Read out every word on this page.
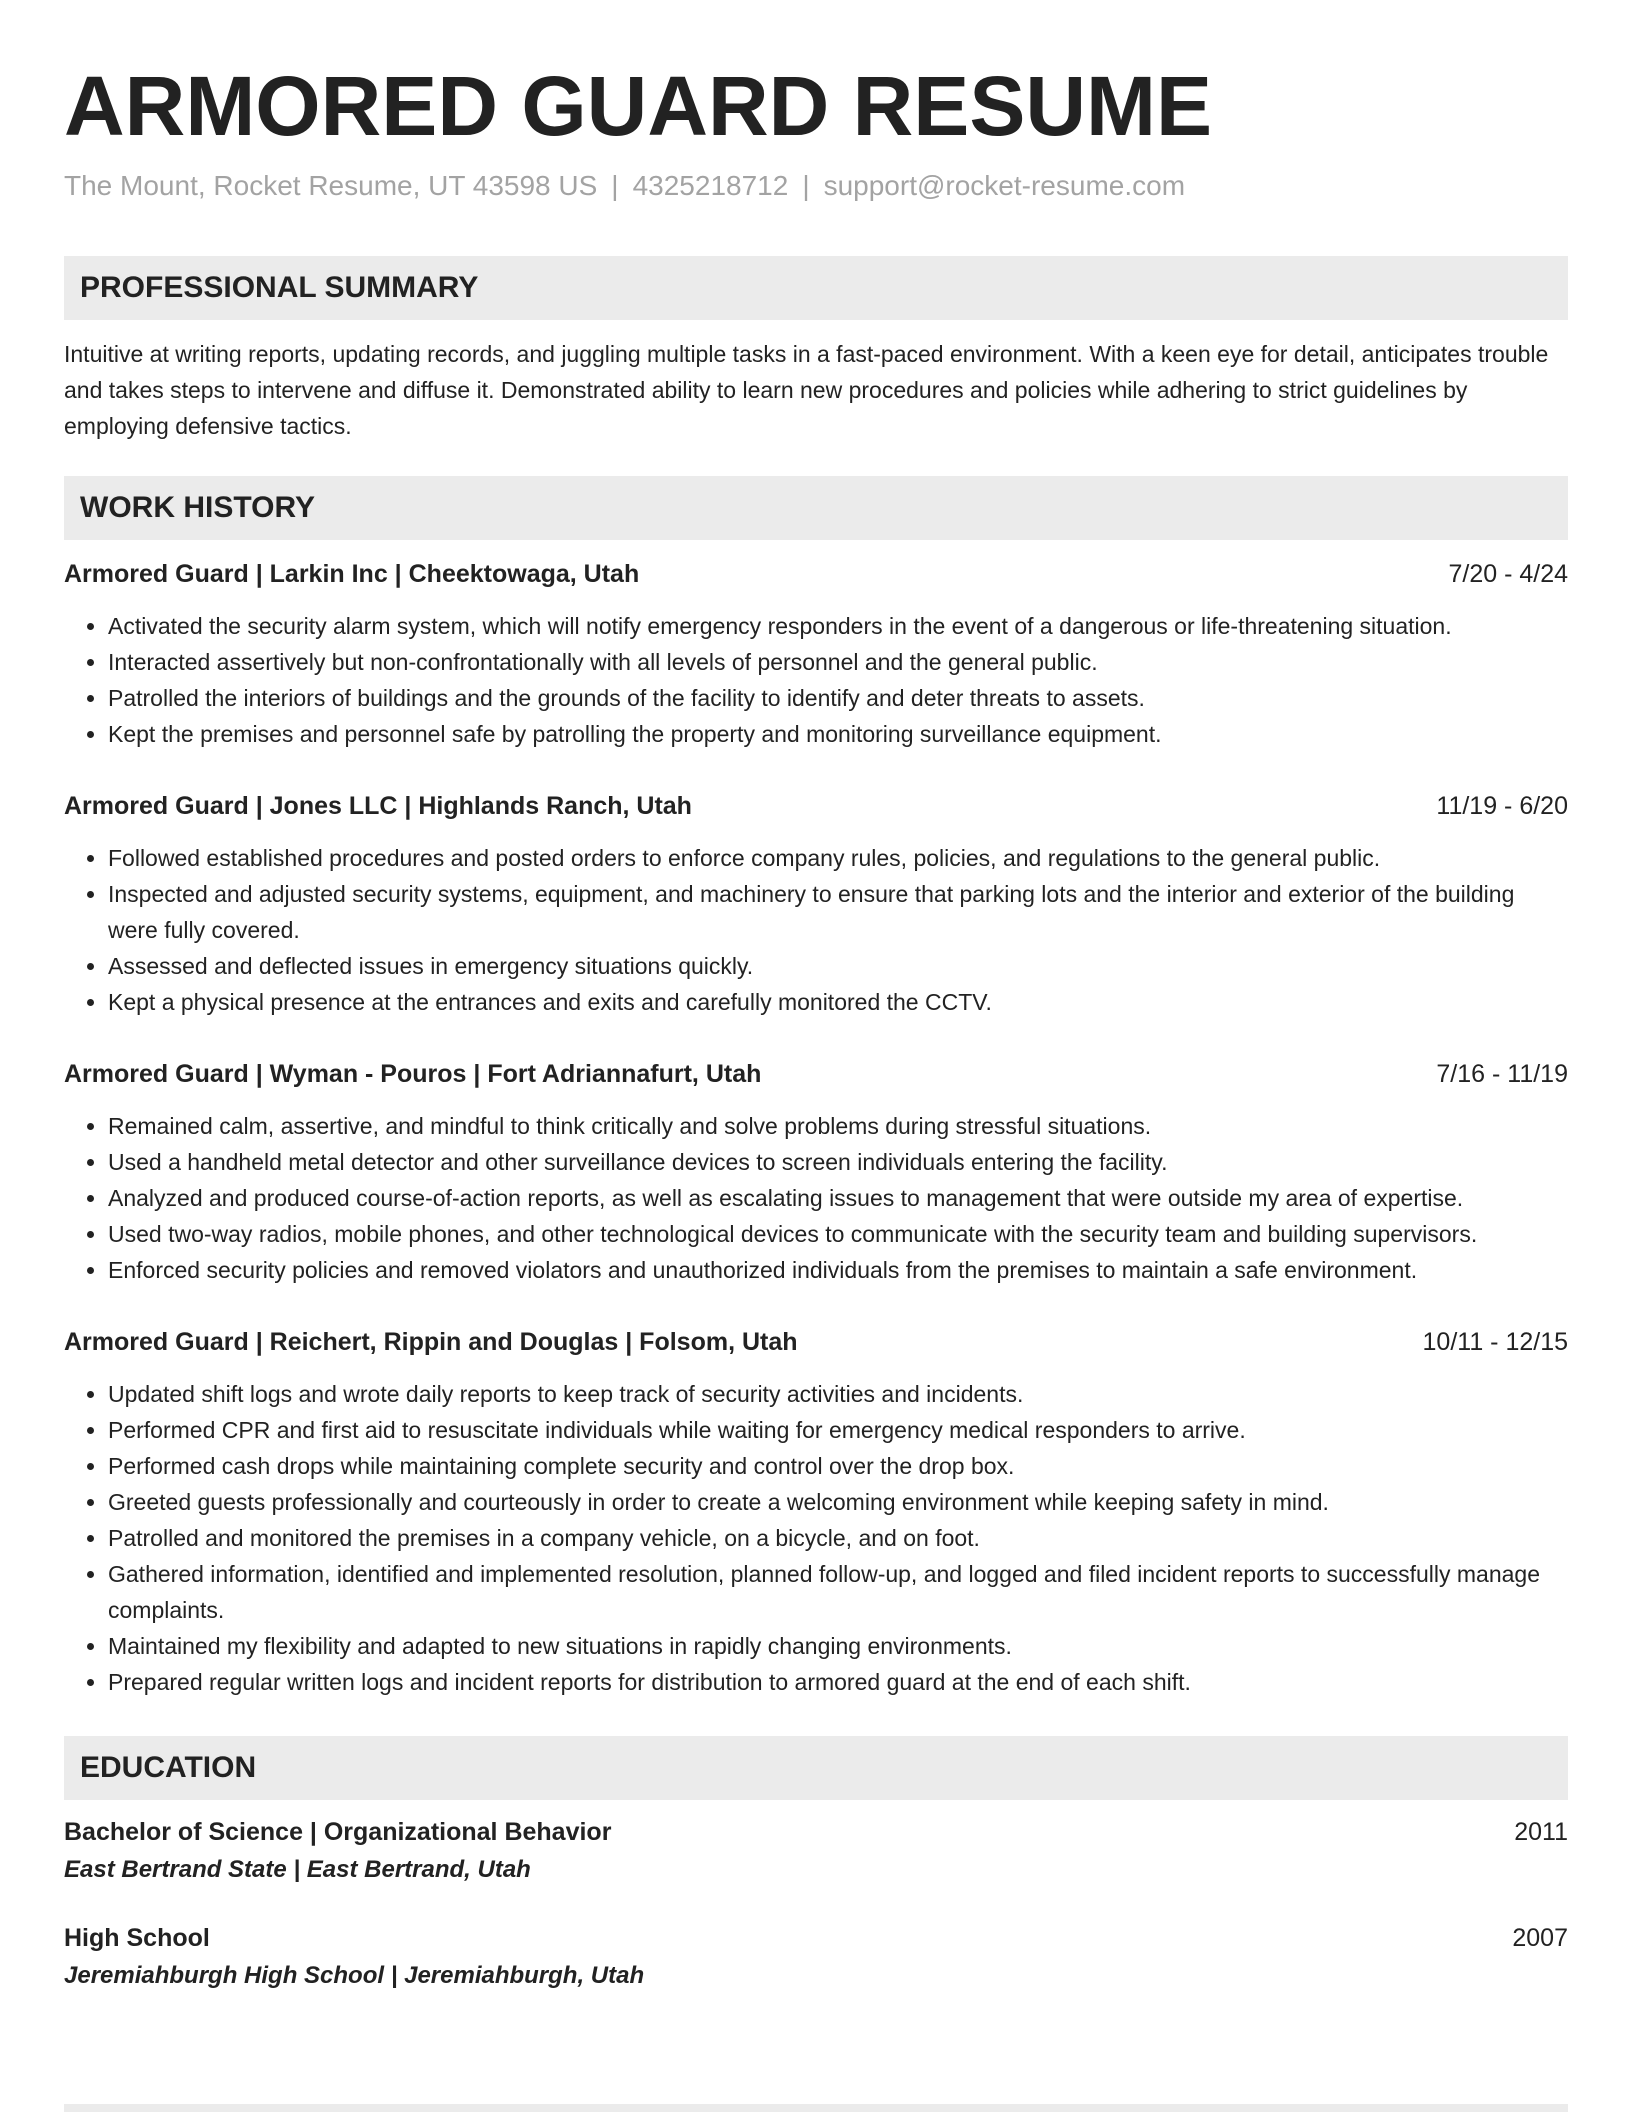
ARMORED GUARD RESUME
The Mount, Rocket Resume, UT 43598 US | 4325218712 | support@rocket-resume.com
PROFESSIONAL SUMMARY
Intuitive at writing reports, updating records, and juggling multiple tasks in a fast-paced environment. With a keen eye for detail, anticipates trouble and takes steps to intervene and diffuse it. Demonstrated ability to learn new procedures and policies while adhering to strict guidelines by employing defensive tactics.
WORK HISTORY
Armored Guard | Larkin Inc | Cheektowaga, Utah	7/20 - 4/24
• Activated the security alarm system, which will notify emergency responders in the event of a dangerous or life-threatening situation.
• Interacted assertively but non-confrontationally with all levels of personnel and the general public.
• Patrolled the interiors of buildings and the grounds of the facility to identify and deter threats to assets.
• Kept the premises and personnel safe by patrolling the property and monitoring surveillance equipment.
Armored Guard | Jones LLC | Highlands Ranch, Utah	11/19 - 6/20
• Followed established procedures and posted orders to enforce company rules, policies, and regulations to the general public.
• Inspected and adjusted security systems, equipment, and machinery to ensure that parking lots and the interior and exterior of the building were fully covered.
• Assessed and deflected issues in emergency situations quickly.
• Kept a physical presence at the entrances and exits and carefully monitored the CCTV.
Armored Guard | Wyman - Pouros | Fort Adriannafurt, Utah	7/16 - 11/19
• Remained calm, assertive, and mindful to think critically and solve problems during stressful situations.
• Used a handheld metal detector and other surveillance devices to screen individuals entering the facility.
• Analyzed and produced course-of-action reports, as well as escalating issues to management that were outside my area of expertise.
• Used two-way radios, mobile phones, and other technological devices to communicate with the security team and building supervisors.
• Enforced security policies and removed violators and unauthorized individuals from the premises to maintain a safe environment.
Armored Guard | Reichert, Rippin and Douglas | Folsom, Utah	10/11 - 12/15
• Updated shift logs and wrote daily reports to keep track of security activities and incidents.
• Performed CPR and first aid to resuscitate individuals while waiting for emergency medical responders to arrive.
• Performed cash drops while maintaining complete security and control over the drop box.
• Greeted guests professionally and courteously in order to create a welcoming environment while keeping safety in mind.
• Patrolled and monitored the premises in a company vehicle, on a bicycle, and on foot.
• Gathered information, identified and implemented resolution, planned follow-up, and logged and filed incident reports to successfully manage complaints.
• Maintained my flexibility and adapted to new situations in rapidly changing environments.
• Prepared regular written logs and incident reports for distribution to armored guard at the end of each shift.
EDUCATION
Bachelor of Science | Organizational Behavior	2011
East Bertrand State | East Bertrand, Utah
High School	2007
Jeremiahburgh High School | Jeremiahburgh, Utah
